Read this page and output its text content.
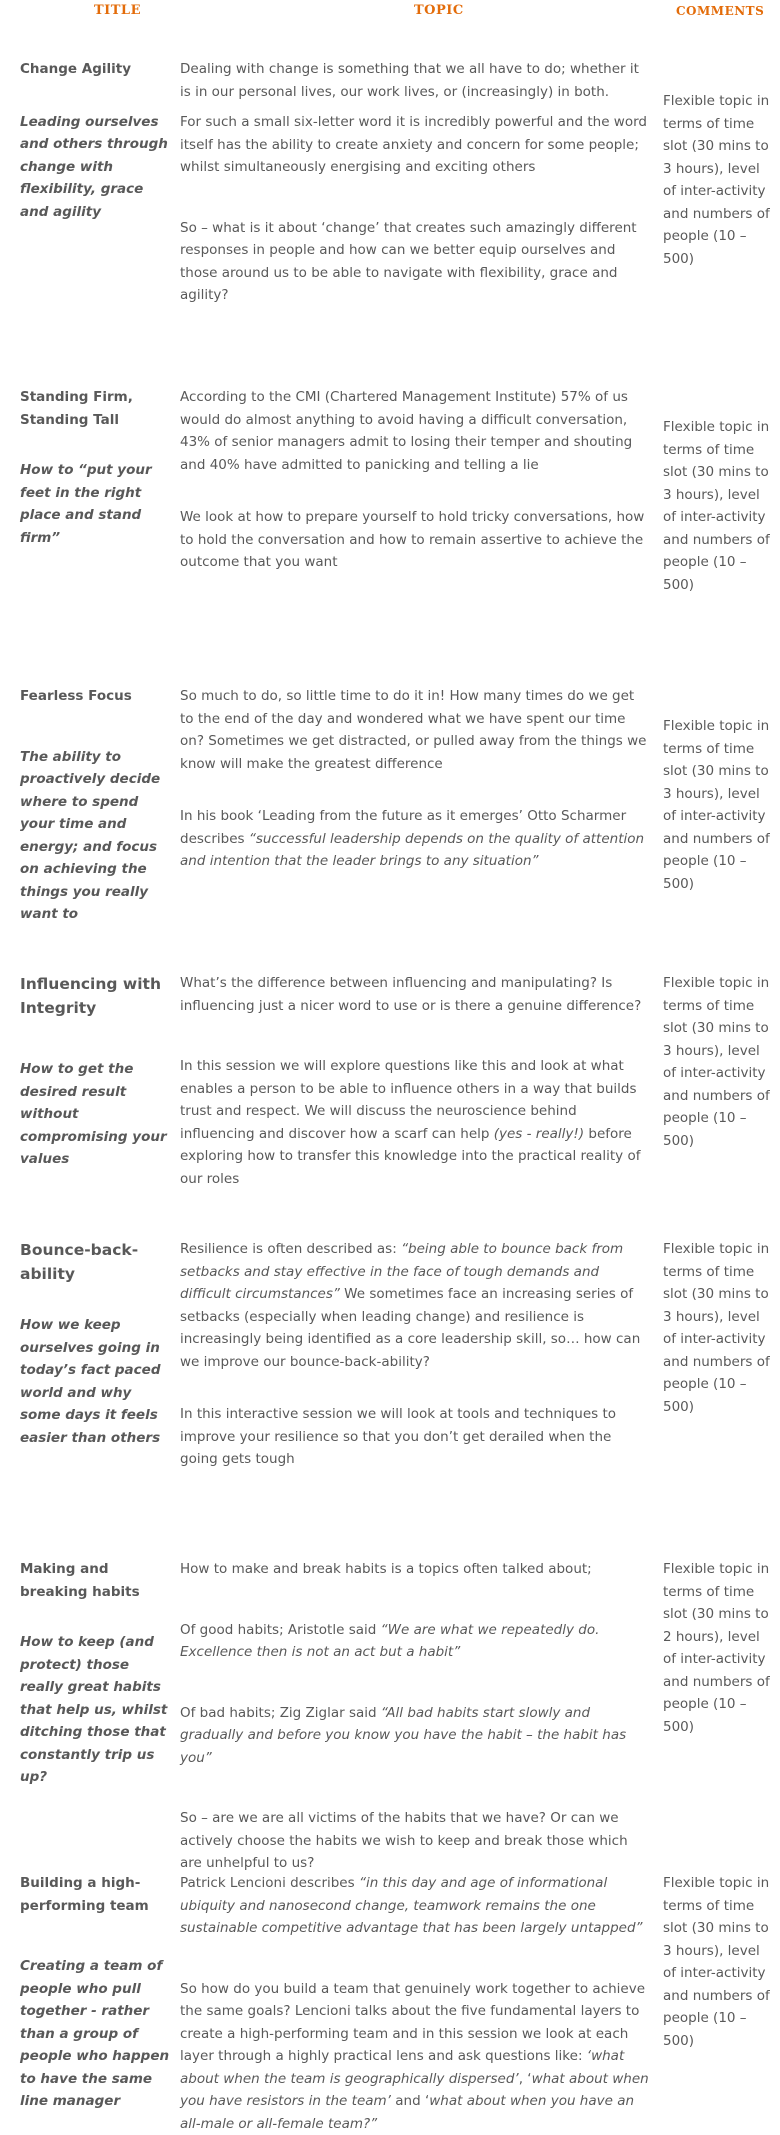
TITLE	TOPIC	COMMENTS
Change Agility
Leading ourselves and others through change with flexibility, grace and agility

Dealing with change is something that we all have to do; whether it is in our personal lives, our work lives, or (increasingly) in both.

For such a small six-letter word it is incredibly powerful and the word itself has the ability to create anxiety and concern for some people; whilst simultaneously energising and exciting others

So – what is it about ‘change’ that creates such amazingly different responses in people and how can we better equip ourselves and those around us to be able to navigate with flexibility, grace and agility?

Flexible topic in terms of time slot (30 mins to 3 hours), level of inter-activity and numbers of people (10 – 500)
Standing Firm, Standing Tall
How to “put your feet in the right place and stand firm”

According to the CMI (Chartered Management Institute) 57% of us would do almost anything to avoid having a difficult conversation, 43% of senior managers admit to losing their temper and shouting and 40% have admitted to panicking and telling a lie

We look at how to prepare yourself to hold tricky conversations, how to hold the conversation and how to remain assertive to achieve the outcome that you want

Flexible topic in terms of time slot (30 mins to 3 hours), level of inter-activity and numbers of people (10 – 500)
Fearless Focus
The ability to proactively decide where to spend your time and energy; and focus on achieving the things you really want to

So much to do, so little time to do it in! How many times do we get to the end of the day and wondered what we have spent our time on? Sometimes we get distracted, or pulled away from the things we know will make the greatest difference

In his book ‘Leading from the future as it emerges’ Otto Scharmer describes “successful leadership depends on the quality of attention and intention that the leader brings to any situation”

Flexible topic in terms of time slot (30 mins to 3 hours), level of inter-activity and numbers of people (10 – 500)
Influencing with Integrity
How to get the desired result without compromising your values

What’s the difference between influencing and manipulating? Is influencing just a nicer word to use or is there a genuine difference?

In this session we will explore questions like this and look at what enables a person to be able to influence others in a way that builds trust and respect. We will discuss the neuroscience behind influencing and discover how a scarf can help (yes - really!) before exploring how to transfer this knowledge into the practical reality of our roles

Flexible topic in terms of time slot (30 mins to 3 hours), level of inter-activity and numbers of people (10 – 500)
Bounce-back-ability
How we keep ourselves going in today’s fact paced world and why some days it feels easier than others

Resilience is often described as: “being able to bounce back from setbacks and stay effective in the face of tough demands and difficult circumstances” We sometimes face an increasing series of setbacks (especially when leading change) and resilience is increasingly being identified as a core leadership skill, so… how can we improve our bounce-back-ability?

In this interactive session we will look at tools and techniques to improve your resilience so that you don’t get derailed when the going gets tough

Flexible topic in terms of time slot (30 mins to 3 hours), level of inter-activity and numbers of people (10 – 500)
Making and breaking habits
How to keep (and protect) those really great habits that help us, whilst ditching those that constantly trip us up?

How to make and break habits is a topics often talked about;

Of good habits; Aristotle said “We are what we repeatedly do. Excellence then is not an act but a habit”

Of bad habits; Zig Ziglar said “All bad habits start slowly and gradually and before you know you have the habit – the habit has you”

So – are we are all victims of the habits that we have? Or can we actively choose the habits we wish to keep and break those which are unhelpful to us?

Flexible topic in terms of time slot (30 mins to 2 hours), level of inter-activity and numbers of people (10 – 500)
Building a high-performing team
Creating a team of people who pull together - rather than a group of people who happen to have the same line manager

Patrick Lencioni describes “in this day and age of informational ubiquity and nanosecond change, teamwork remains the one sustainable competitive advantage that has been largely untapped”

So how do you build a team that genuinely work together to achieve the same goals? Lencioni talks about the five fundamental layers to create a high-performing team and in this session we look at each layer through a highly practical lens and ask questions like: ‘what about when the team is geographically dispersed’, ‘what about when you have resistors in the team’ and ‘what about when you have an all-male or all-female team?”

Flexible topic in terms of time slot (30 mins to 3 hours), level of inter-activity and numbers of people (10 – 500)
